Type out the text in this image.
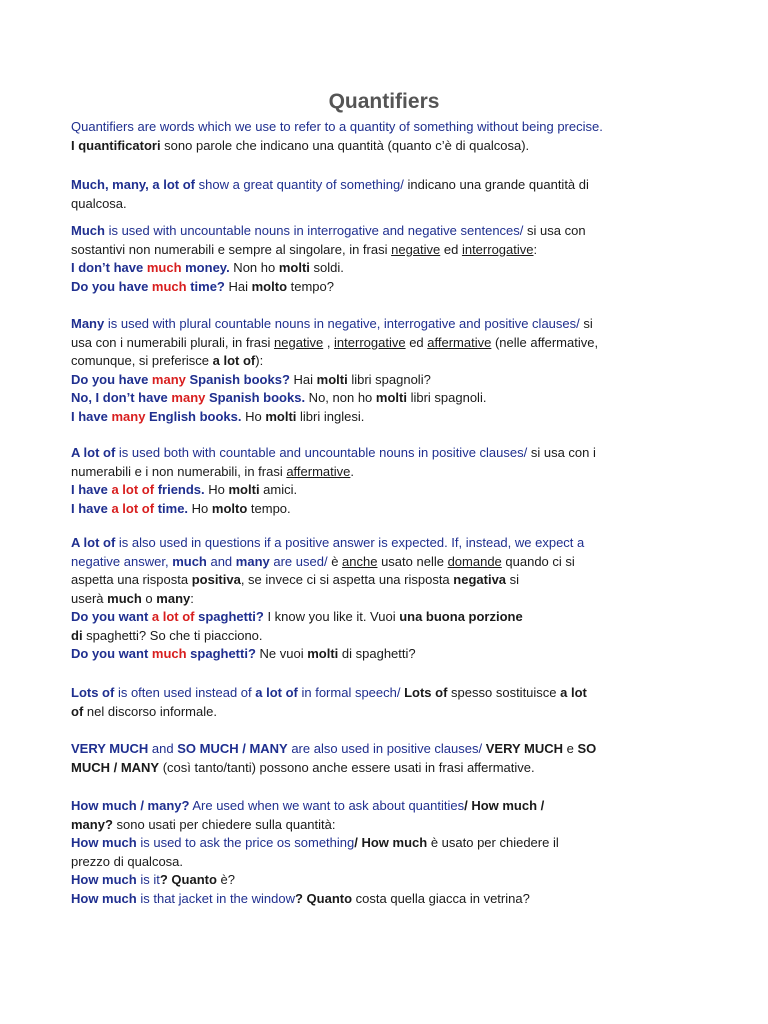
Quantifiers
Quantifiers are words which we use to refer to a quantity of something without being precise.
I quantificatori sono parole che indicano una quantità (quanto c’è di qualcosa).
Much, many, a lot of show a great quantity of something/ indicano una grande quantità di
qualcosa.
Much is used with uncountable nouns in interrogative and negative sentences/ si usa con
sostantivi non numerabili e sempre al singolare, in frasi negative ed interrogative:
I don’t have much money. Non ho molti soldi.
Do you have much time? Hai molto tempo?
Many is used with plural countable nouns in negative, interrogative and positive clauses/ si
usa con i numerabili plurali, in frasi negative , interrogative ed affermative (nelle affermative,
comunque, si preferisce a lot of):
Do you have many Spanish books? Hai molti libri spagnoli?
No, I don’t have many Spanish books. No, non ho molti libri spagnoli.
I have many English books. Ho molti libri inglesi.
A lot of is used both with countable and uncountable nouns in positive clauses/ si usa con i
numerabili e i non numerabili, in frasi affermative.
I have a lot of friends. Ho molti amici.
I have a lot of time. Ho molto tempo.
A lot of is also used in questions if a positive answer is expected. If, instead, we expect a
negative answer, much and many are used/ è anche usato nelle domande quando ci si
aspetta una risposta positiva, se invece ci si aspetta una risposta negativa si
userà much o many:
Do you want a lot of spaghetti? I know you like it. Vuoi una buona porzione
di spaghetti? So che ti piacciono.
Do you want much spaghetti? Ne vuoi molti di spaghetti?
Lots of is often used instead of a lot of in formal speech/ Lots of spesso sostituisce a lot
of nel discorso informale.
VERY MUCH and SO MUCH / MANY are also used in positive clauses/ VERY MUCH e SO
MUCH / MANY (così tanto/tanti) possono anche essere usati in frasi affermative.
How much / many? Are used when we want to ask about quantities/ How much /
many? sono usati per chiedere sulla quantità:
How much is used to ask the price os something/ How much è usato per chiedere il
prezzo di qualcosa.
How much is it? Quanto è?
How much is that jacket in the window? Quanto costa quella giacca in vetrina?
